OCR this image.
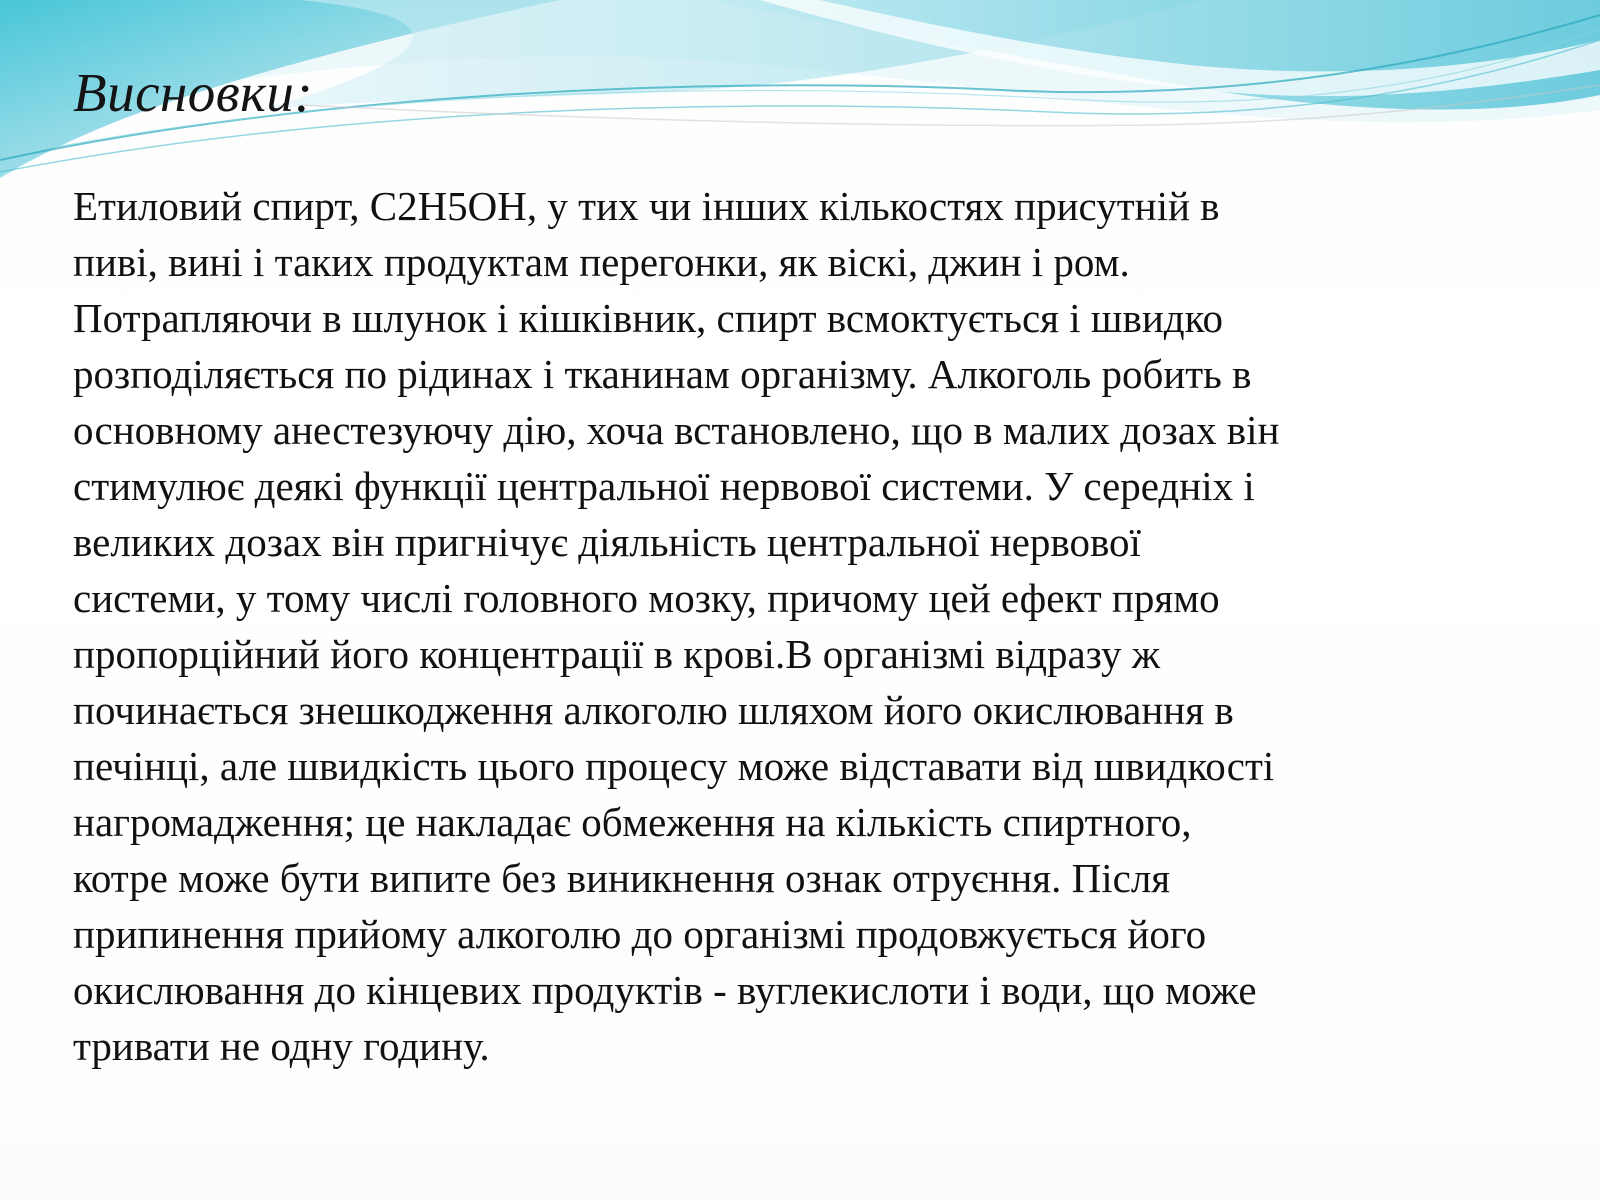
Висновки:

Етиловий спирт, С2Н5ОН, у тих чи інших кількостях присутній в
пиві, вині і таких продуктам перегонки, як віскі, джин і ром.
Потрапляючи в шлунок і кішківник, спирт всмоктується і швидко
розподіляється по рідинах і тканинам організму. Алкоголь робить в
основному анестезуючу дію, хоча встановлено, що в малих дозах він
стимулює деякі функції центральної нервової системи. У середніх і
великих дозах він пригнічує діяльність центральної нервової
системи, у тому числі головного мозку, причому цей ефект прямо
пропорційний його концентрації в крові.В організмі відразу ж
починається знешкодження алкоголю шляхом його окислювання в
печінці, але швидкість цього процесу може відставати від швидкості
нагромадження; це накладає обмеження на кількість спиртного,
котре може бути випите без виникнення ознак отруєння. Після
припинення прийому алкоголю до організмі продовжується його
окислювання до кінцевих продуктів - вуглекислоти і води, що може
тривати не одну годину.
